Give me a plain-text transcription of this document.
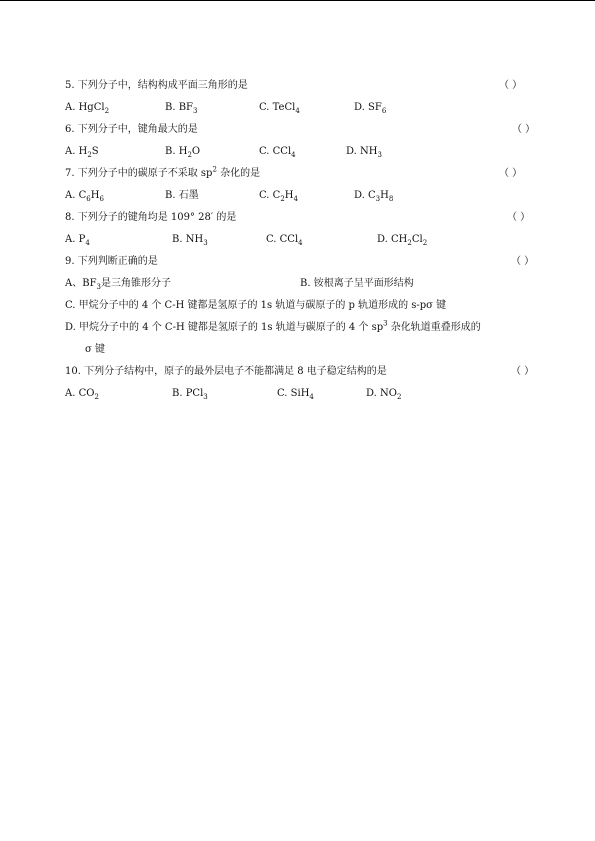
5. 下列分子中，结构构成平面三角形的是	（ ）
A. HgCl$_2$	B. $BF_3$	C. TeCl$_4$	D. $SF_6$
6. 下列分子中，键角最大的是	（ ）
A. $H_2S$	B. $H_2O$	C. CCl$_4$	D. $NH_3$
7. 下列分子中的碳原子不采取 $sp^2$ 杂化的是	（ ）
A. $C_6H_6$	B. 石墨	C. $C_2H_4$	D. $C_3H_8$
8. 下列分子的键角均是 109° 28′ 的是	（ ）
A. $P_4$	B. $NH_3$	C. CCl$_4$	D. $CH_2Cl_2$
9. 下列判断正确的是	（ ）
A、$BF_3$是三角锥形分子	B. 铵根离子呈平面形结构
C. 甲烷分子中的 4 个 C-H 键都是氢原子的 1s 轨道与碳原子的 p 轨道形成的 s-pσ 键
D. 甲烷分子中的 4 个 C-H 键都是氢原子的 1s 轨道与碳原子的 4 个 $sp^3$ 杂化轨道重叠形成的
σ 键
10. 下列分子结构中，原子的最外层电子不能都满足 8 电子稳定结构的是	（ ）
A. $CO_2$	B. PCl$_3$	C. SiH$_4$	D. $NO_2$
